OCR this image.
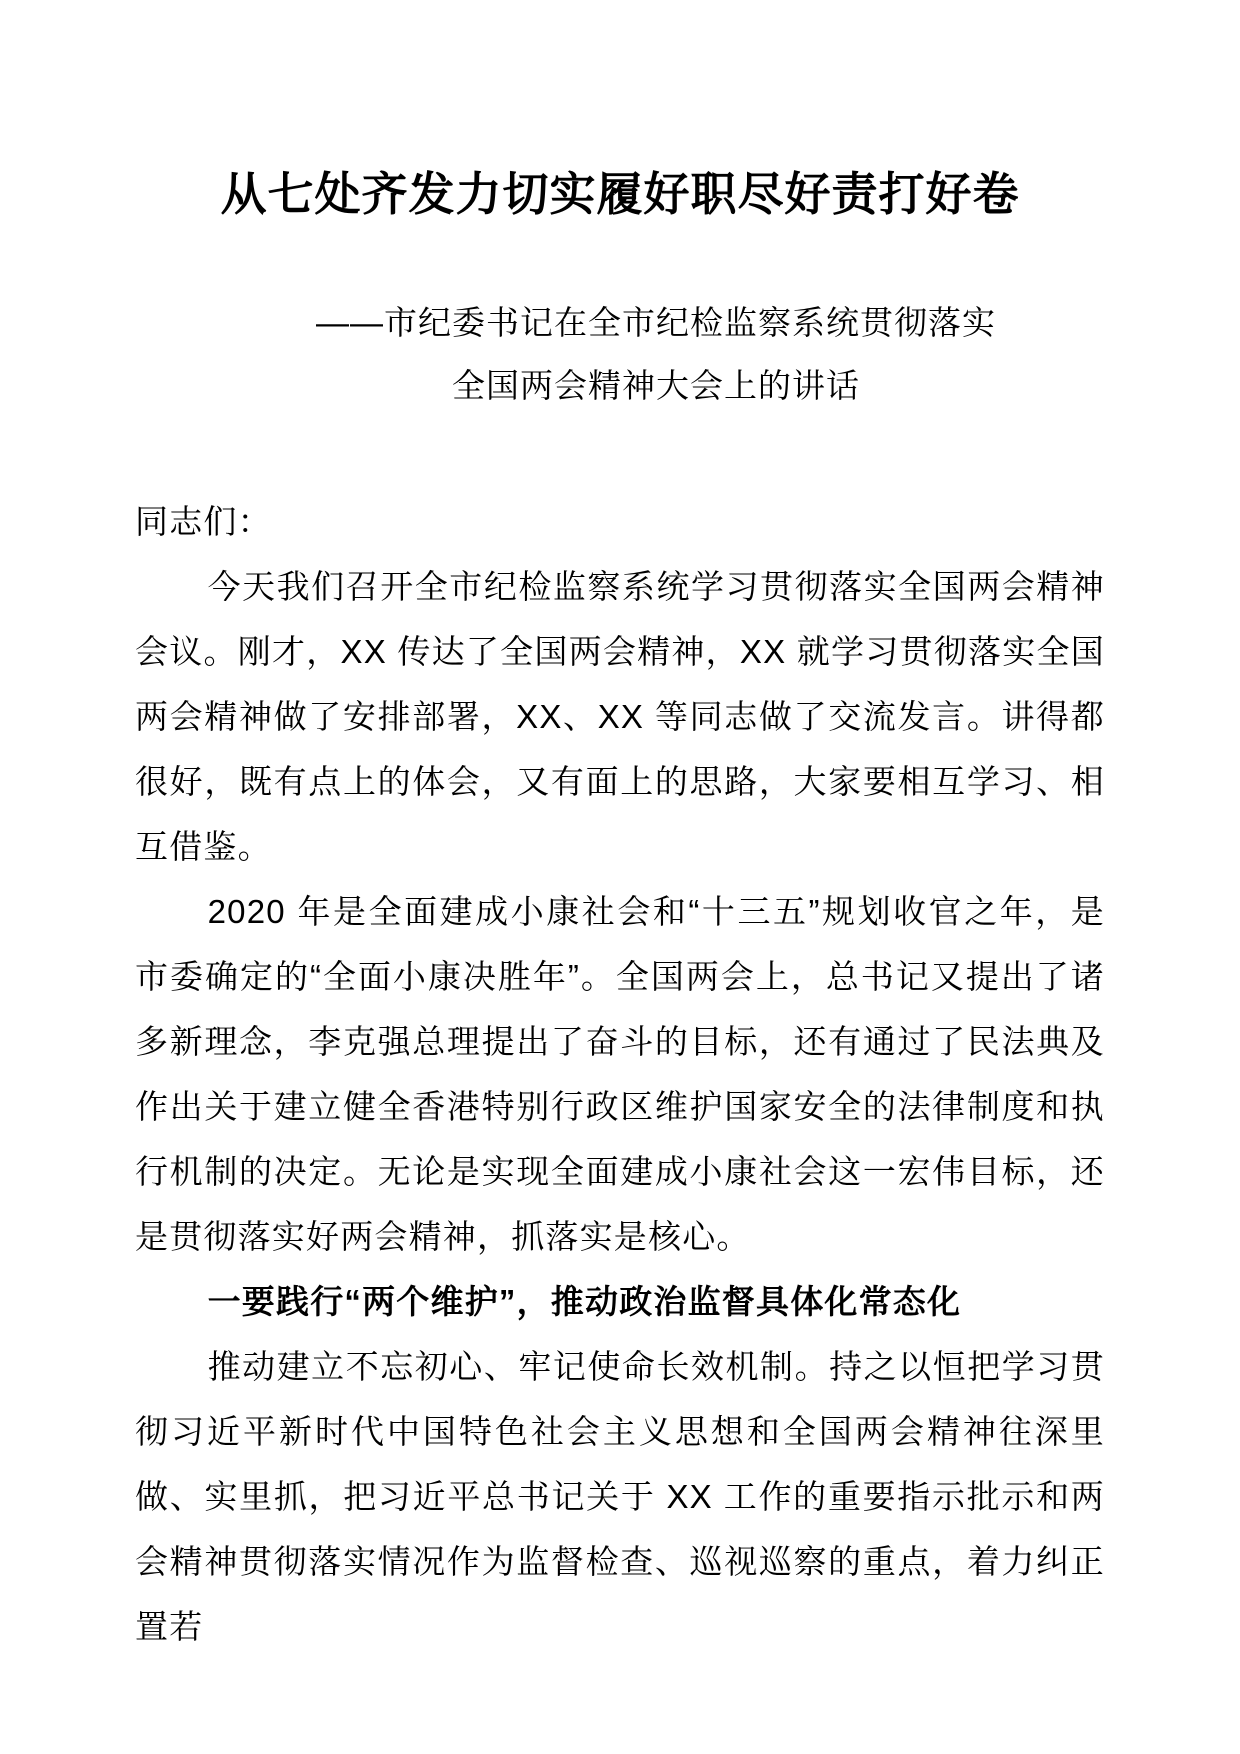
从七处齐发力切实履好职尽好责打好卷
——市纪委书记在全市纪检监察系统贯彻落实
全国两会精神大会上的讲话

同志们：

今天我们召开全市纪检监察系统学习贯彻落实全国两会精神会议。刚才，XX 传达了全国两会精神，XX 就学习贯彻落实全国两会精神做了安排部署，XX、XX 等同志做了交流发言。讲得都很好，既有点上的体会，又有面上的思路，大家要相互学习、相互借鉴。

2020 年是全面建成小康社会和“十三五”规划收官之年，是市委确定的“全面小康决胜年”。全国两会上，总书记又提出了诸多新理念，李克强总理提出了奋斗的目标，还有通过了民法典及作出关于建立健全香港特别行政区维护国家安全的法律制度和执行机制的决定。无论是实现全面建成小康社会这一宏伟目标，还是贯彻落实好两会精神，抓落实是核心。

一要践行“两个维护”，推动政治监督具体化常态化

推动建立不忘初心、牢记使命长效机制。持之以恒把学习贯彻习近平新时代中国特色社会主义思想和全国两会精神往深里做、实里抓，把习近平总书记关于 XX 工作的重要指示批示和两会精神贯彻落实情况作为监督检查、巡视巡察的重点，着力纠正置若
